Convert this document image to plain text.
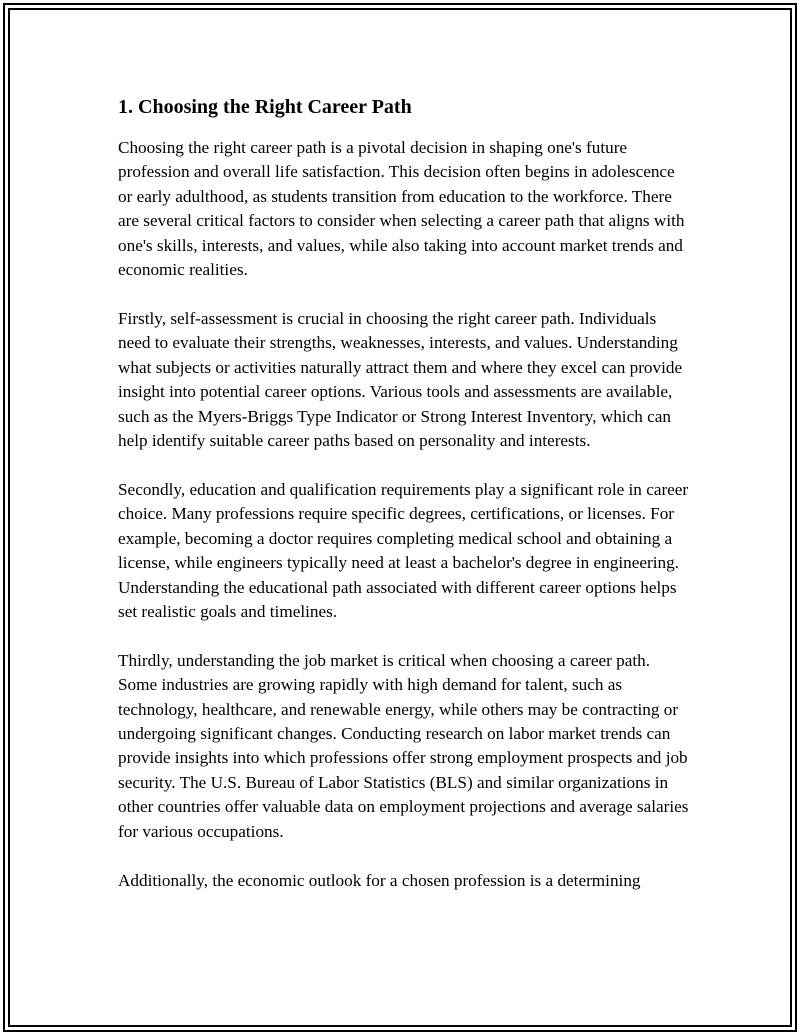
1. Choosing the Right Career Path

Choosing the right career path is a pivotal decision in shaping one's future profession and overall life satisfaction. This decision often begins in adolescence or early adulthood, as students transition from education to the workforce. There are several critical factors to consider when selecting a career path that aligns with one's skills, interests, and values, while also taking into account market trends and economic realities.

Firstly, self-assessment is crucial in choosing the right career path. Individuals need to evaluate their strengths, weaknesses, interests, and values. Understanding what subjects or activities naturally attract them and where they excel can provide insight into potential career options. Various tools and assessments are available, such as the Myers-Briggs Type Indicator or Strong Interest Inventory, which can help identify suitable career paths based on personality and interests.

Secondly, education and qualification requirements play a significant role in career choice. Many professions require specific degrees, certifications, or licenses. For example, becoming a doctor requires completing medical school and obtaining a license, while engineers typically need at least a bachelor's degree in engineering. Understanding the educational path associated with different career options helps set realistic goals and timelines.

Thirdly, understanding the job market is critical when choosing a career path. Some industries are growing rapidly with high demand for talent, such as technology, healthcare, and renewable energy, while others may be contracting or undergoing significant changes. Conducting research on labor market trends can provide insights into which professions offer strong employment prospects and job security. The U.S. Bureau of Labor Statistics (BLS) and similar organizations in other countries offer valuable data on employment projections and average salaries for various occupations.

Additionally, the economic outlook for a chosen profession is a determining
